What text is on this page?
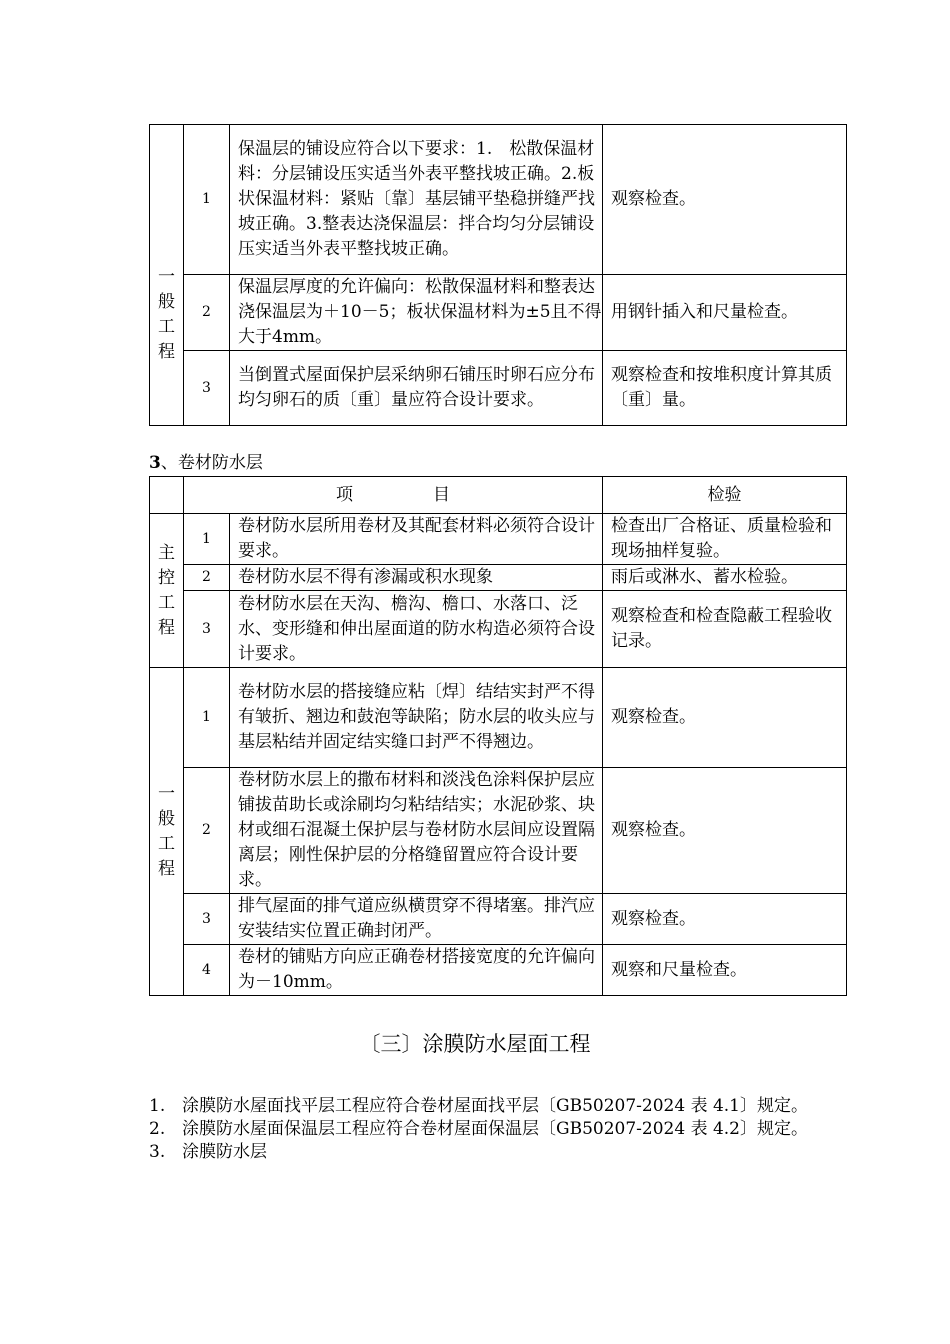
一
般
工
程	1	保温层的铺设应符合以下要求：1.　松散保温材料：分层铺设压实适当外表平整找坡正确。2.板状保温材料：紧贴〔靠〕基层铺平垫稳拼缝严找坡正确。3.整表达浇保温层：拌合均匀分层铺设压实适当外表平整找坡正确。	观察检查。
	2	保温层厚度的允许偏向：松散保温材料和整表达浇保温层为＋10－5；板状保温材料为±5且不得大于4mm。	用钢针插入和尺量检查。
	3	当倒置式屋面保护层采纳卵石铺压时卵石应分布均匀卵石的质〔重〕量应符合设计要求。	观察检查和按堆积度计算其质〔重〕量。
3、卷材防水层
	项 目		检验

主
控
工
程	1	卷材防水层所用卷材及其配套材料必须符合设计要求。	检查出厂合格证、质量检验和现场抽样复验。
	2	卷材防水层不得有渗漏或积水现象	雨后或淋水、蓄水检验。
	3	卷材防水层在天沟、檐沟、檐口、水落口、泛水、变形缝和伸出屋面道的防水构造必须符合设计要求。	观察检查和检查隐蔽工程验收记录。

一
般
工
程	1	卷材防水层的搭接缝应粘〔焊〕结结实封严不得有皱折、翘边和鼓泡等缺陷；防水层的收头应与基层粘结并固定结实缝口封严不得翘边。	观察检查。
	2	卷材防水层上的撒布材料和淡浅色涂料保护层应铺拔苗助长或涂刷均匀粘结结实；水泥砂浆、块材或细石混凝土保护层与卷材防水层间应设置隔离层；刚性保护层的分格缝留置应符合设计要求。	观察检查。
	3	排气屋面的排气道应纵横贯穿不得堵塞。排汽应安装结实位置正确封闭严。	观察检查。
	4	卷材的铺贴方向应正确卷材搭接宽度的允许偏向为－10mm。	观察和尺量检查。
〔三〕涂膜防水屋面工程
1. 涂膜防水屋面找平层工程应符合卷材屋面找平层〔GB50207-2024 表 4.1〕规定。
2. 涂膜防水屋面保温层工程应符合卷材屋面保温层〔GB50207-2024 表 4.2〕规定。
3. 涂膜防水层
